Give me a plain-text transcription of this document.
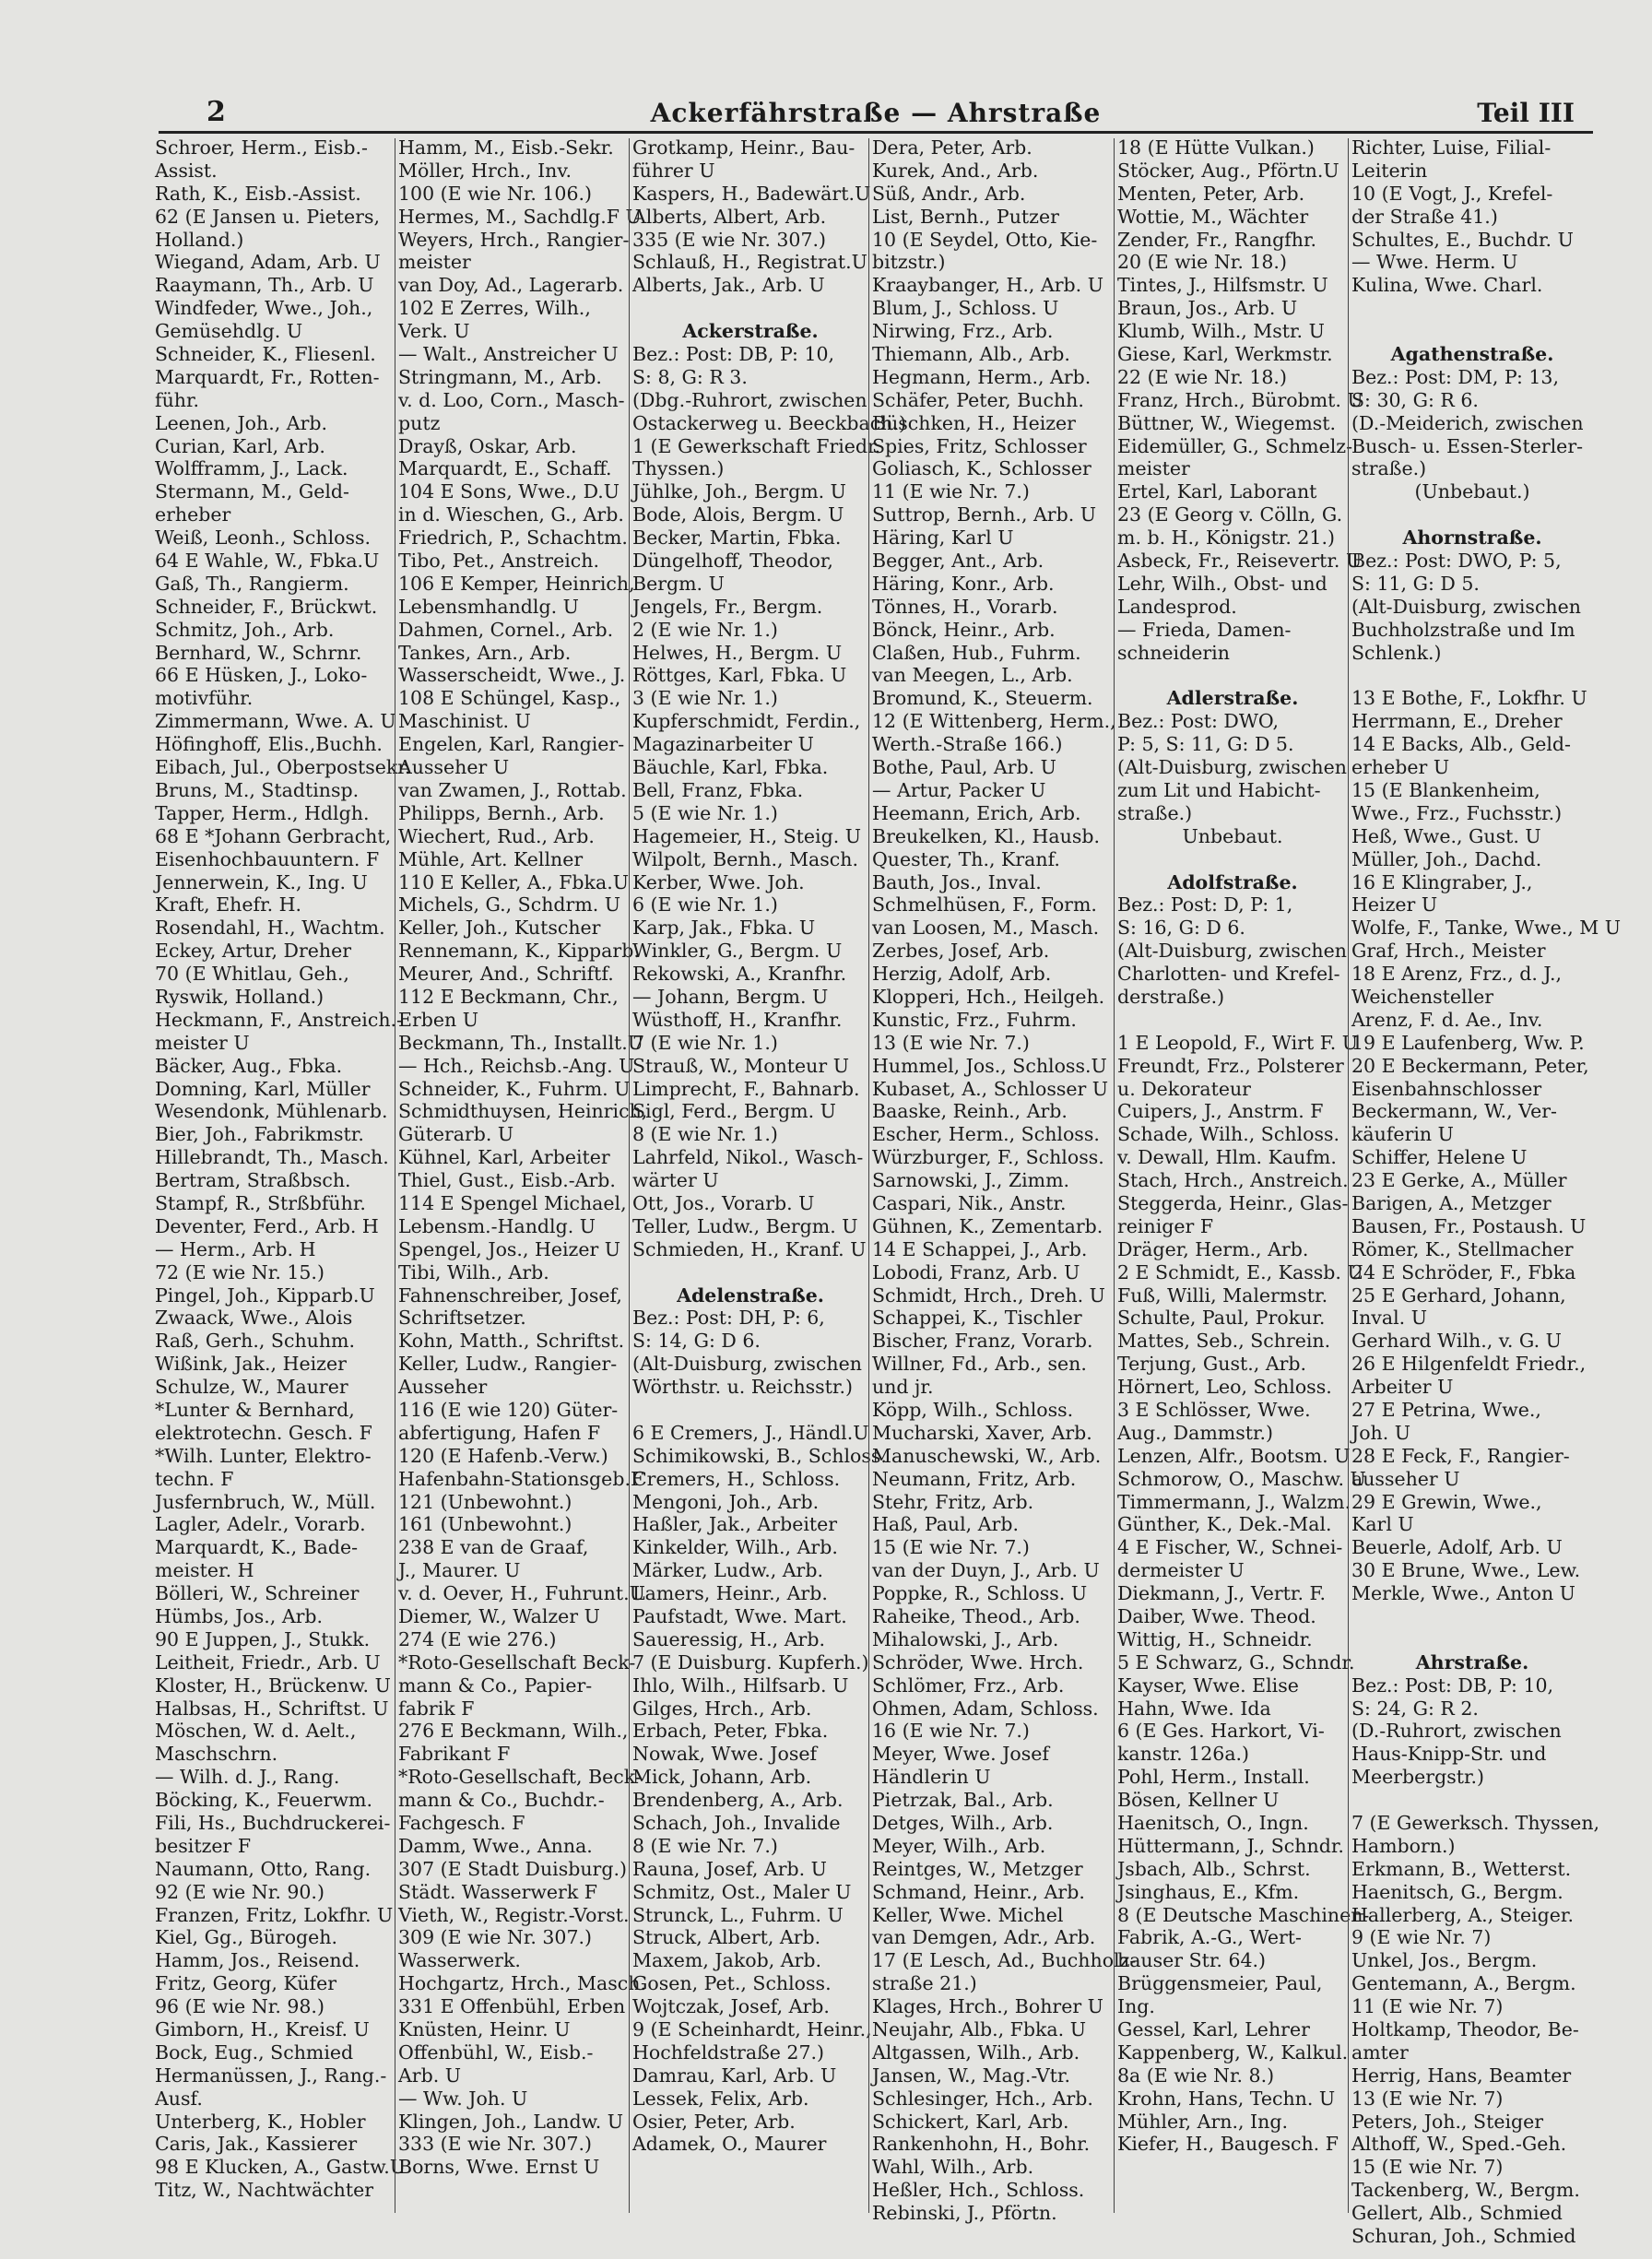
2	Ackerfährstraße — Ahrstraße	Teil III
Schroer, Herm., Eisb.-
Assist.
Rath, K., Eisb.-Assist.
62 (E Jansen u. Pieters,
Holland.)
Wiegand, Adam, Arb. U
Raaymann, Th., Arb. U
Windfeder, Wwe., Joh.,
Gemüsehdlg. U
Schneider, K., Fliesenl.
Marquardt, Fr., Rotten-
führ.
Leenen, Joh., Arb.
Curian, Karl, Arb.
Wolfframm, J., Lack.
Stermann, M., Geld-
erheber
Weiß, Leonh., Schloss.
64 E Wahle, W., Fbka.U
Gaß, Th., Rangierm.
Schneider, F., Brückwt.
Schmitz, Joh., Arb.
Bernhard, W., Schrnr.
66 E Hüsken, J., Loko-
motivführ.
Zimmermann, Wwe. A. U
Höfinghoff, Elis.,Buchh.
Eibach, Jul., Oberpostsekr.
Bruns, M., Stadtinsp.
Tapper, Herm., Hdlgh.
68 E *Johann Gerbracht,
Eisenhochbauuntern. F
Jennerwein, K., Ing. U
Kraft, Ehefr. H.
Rosendahl, H., Wachtm.
Eckey, Artur, Dreher
70 (E Whitlau, Geh.,
Ryswik, Holland.)
Heckmann, F., Anstreich.-
meister U
Bäcker, Aug., Fbka.
Domning, Karl, Müller
Wesendonk, Mühlenarb.
Bier, Joh., Fabrikmstr.
Hillebrandt, Th., Masch.
Bertram, Straßbsch.
Stampf, R., Strßbführ.
Deventer, Ferd., Arb. H
— Herm., Arb. H
72 (E wie Nr. 15.)
Pingel, Joh., Kipparb.U
Zwaack, Wwe., Alois
Raß, Gerh., Schuhm.
Wißink, Jak., Heizer
Schulze, W., Maurer
*Lunter & Bernhard,
elektrotechn. Gesch. F
*Wilh. Lunter, Elektro-
techn. F
Jusfernbruch, W., Müll.
Lagler, Adelr., Vorarb.
Marquardt, K., Bade-
meister. H
Bölleri, W., Schreiner
Hümbs, Jos., Arb.
90 E Juppen, J., Stukk.
Leitheit, Friedr., Arb. U
Kloster, H., Brückenw. U
Halbsas, H., Schriftst. U
Möschen, W. d. Aelt.,
Maschschrn.
— Wilh. d. J., Rang.
Böcking, K., Feuerwm.
Fili, Hs., Buchdruckerei-
besitzer F
Naumann, Otto, Rang.
92 (E wie Nr. 90.)
Franzen, Fritz, Lokfhr. U
Kiel, Gg., Bürogeh.
Hamm, Jos., Reisend.
Fritz, Georg, Küfer
96 (E wie Nr. 98.)
Gimborn, H., Kreisf. U
Bock, Eug., Schmied
Hermanüssen, J., Rang.-
Ausf.
Unterberg, K., Hobler
Caris, Jak., Kassierer
98 E Klucken, A., Gastw.U
Titz, W., Nachtwächter
Hamm, M., Eisb.-Sekr.
Möller, Hrch., Inv.
100 (E wie Nr. 106.)
Hermes, M., Sachdlg.F U
Weyers, Hrch., Rangier-
meister
van Doy, Ad., Lagerarb.
102 E Zerres, Wilh.,
Verk. U
— Walt., Anstreicher U
Stringmann, M., Arb.
v. d. Loo, Corn., Masch-
putz
Drayß, Oskar, Arb.
Marquardt, E., Schaff.
104 E Sons, Wwe., D.U
in d. Wieschen, G., Arb.
Friedrich, P., Schachtm.
Tibo, Pet., Anstreich.
106 E Kemper, Heinrich,
Lebensmhandlg. U
Dahmen, Cornel., Arb.
Tankes, Arn., Arb.
Wasserscheidt, Wwe., J.
108 E Schüngel, Kasp.,
Maschinist. U
Engelen, Karl, Rangier-
Ausseher U
van Zwamen, J., Rottab.
Philipps, Bernh., Arb.
Wiechert, Rud., Arb.
Mühle, Art. Kellner
110 E Keller, A., Fbka.U
Michels, G., Schdrm. U
Keller, Joh., Kutscher
Rennemann, K., Kipparb.
Meurer, And., Schriftf.
112 E Beckmann, Chr.,
Erben U
Beckmann, Th., Installt.U
— Hch., Reichsb.-Ang. U
Schneider, K., Fuhrm. U
Schmidthuysen, Heinrich,
Güterarb. U
Kühnel, Karl, Arbeiter
Thiel, Gust., Eisb.-Arb.
114 E Spengel Michael,
Lebensm.-Handlg. U
Spengel, Jos., Heizer U
Tibi, Wilh., Arb.
Fahnenschreiber, Josef,
Schriftsetzer.
Kohn, Matth., Schriftst.
Keller, Ludw., Rangier-
Ausseher
116 (E wie 120) Güter-
abfertigung, Hafen F
120 (E Hafenb.-Verw.)
Hafenbahn-Stationsgeb.F
121 (Unbewohnt.)
161 (Unbewohnt.)
238 E van de Graaf,
J., Maurer. U
v. d. Oever, H., Fuhrunt.U
Diemer, W., Walzer U
274 (E wie 276.)
*Roto-Gesellschaft Beck-
mann & Co., Papier-
fabrik F
276 E Beckmann, Wilh.,
Fabrikant F
*Roto-Gesellschaft, Beck-
mann & Co., Buchdr.-
Fachgesch. F
Damm, Wwe., Anna.
307 (E Stadt Duisburg.)
Städt. Wasserwerk F
Vieth, W., Registr.-Vorst.
309 (E wie Nr. 307.)
Wasserwerk.
Hochgartz, Hrch., Masch.
331 E Offenbühl, Erben
Knüsten, Heinr. U
Offenbühl, W., Eisb.-
Arb. U
— Ww. Joh. U
Klingen, Joh., Landw. U
333 (E wie Nr. 307.)
Borns, Wwe. Ernst U
Grotkamp, Heinr., Bau-
führer U
Kaspers, H., Badewärt.U
Alberts, Albert, Arb.
335 (E wie Nr. 307.)
Schlauß, H., Registrat.U
Alberts, Jak., Arb. U

Ackerstraße.
Bez.: Post: DB, P: 10,
S: 8, G: R 3.
(Dbg.-Ruhrort, zwischen
Ostackerweg u. Beeckbach.)
1 (E Gewerkschaft Friedr.
Thyssen.)
Jühlke, Joh., Bergm. U
Bode, Alois, Bergm. U
Becker, Martin, Fbka.
Düngelhoff, Theodor,
Bergm. U
Jengels, Fr., Bergm.
2 (E wie Nr. 1.)
Helwes, H., Bergm. U
Röttges, Karl, Fbka. U
3 (E wie Nr. 1.)
Kupferschmidt, Ferdin.,
Magazinarbeiter U
Bäuchle, Karl, Fbka.
Bell, Franz, Fbka.
5 (E wie Nr. 1.)
Hagemeier, H., Steig. U
Wilpolt, Bernh., Masch.
Kerber, Wwe. Joh.
6 (E wie Nr. 1.)
Karp, Jak., Fbka. U
Winkler, G., Bergm. U
Rekowski, A., Kranfhr.
— Johann, Bergm. U
Wüsthoff, H., Kranfhr.
7 (E wie Nr. 1.)
Strauß, W., Monteur U
Limprecht, F., Bahnarb.
Sigl, Ferd., Bergm. U
8 (E wie Nr. 1.)
Lahrfeld, Nikol., Wasch-
wärter U
Ott, Jos., Vorarb. U
Teller, Ludw., Bergm. U
Schmieden, H., Kranf. U

Adelenstraße.
Bez.: Post: DH, P: 6,
S: 14, G: D 6.
(Alt-Duisburg, zwischen
Wörthstr. u. Reichsstr.)

6 E Cremers, J., Händl.U
Schimikowski, B., Schloss.
Cremers, H., Schloss.
Mengoni, Joh., Arb.
Haßler, Jak., Arbeiter
Kinkelder, Wilh., Arb.
Märker, Ludw., Arb.
Lamers, Heinr., Arb.
Paufstadt, Wwe. Mart.
Saueressig, H., Arb.
7 (E Duisburg. Kupferh.)
Ihlo, Wilh., Hilfsarb. U
Gilges, Hrch., Arb.
Erbach, Peter, Fbka.
Nowak, Wwe. Josef
Mick, Johann, Arb.
Brendenberg, A., Arb.
Schach, Joh., Invalide
8 (E wie Nr. 7.)
Rauna, Josef, Arb. U
Schmitz, Ost., Maler U
Strunck, L., Fuhrm. U
Struck, Albert, Arb.
Maxem, Jakob, Arb.
Gosen, Pet., Schloss.
Wojtczak, Josef, Arb.
9 (E Scheinhardt, Heinr.,
Hochfeldstraße 27.)
Damrau, Karl, Arb. U
Lessek, Felix, Arb.
Osier, Peter, Arb.
Adamek, O., Maurer
Dera, Peter, Arb.
Kurek, And., Arb.
Süß, Andr., Arb.
List, Bernh., Putzer
10 (E Seydel, Otto, Kie-
bitzstr.)
Kraaybanger, H., Arb. U
Blum, J., Schloss. U
Nirwing, Frz., Arb.
Thiemann, Alb., Arb.
Hegmann, Herm., Arb.
Schäfer, Peter, Buchh.
Büschken, H., Heizer
Spies, Fritz, Schlosser
Goliasch, K., Schlosser
11 (E wie Nr. 7.)
Suttrop, Bernh., Arb. U
Häring, Karl U
Begger, Ant., Arb.
Häring, Konr., Arb.
Tönnes, H., Vorarb.
Bönck, Heinr., Arb.
Claßen, Hub., Fuhrm.
van Meegen, L., Arb.
Bromund, K., Steuerm.
12 (E Wittenberg, Herm.,
Werth.-Straße 166.)
Bothe, Paul, Arb. U
— Artur, Packer U
Heemann, Erich, Arb.
Breukelken, Kl., Hausb.
Quester, Th., Kranf.
Bauth, Jos., Inval.
Schmelhüsen, F., Form.
van Loosen, M., Masch.
Zerbes, Josef, Arb.
Herzig, Adolf, Arb.
Klopperi, Hch., Heilgeh.
Kunstic, Frz., Fuhrm.
13 (E wie Nr. 7.)
Hummel, Jos., Schloss.U
Kubaset, A., Schlosser U
Baaske, Reinh., Arb.
Escher, Herm., Schloss.
Würzburger, F., Schloss.
Sarnowski, J., Zimm.
Caspari, Nik., Anstr.
Gühnen, K., Zementarb.
14 E Schappei, J., Arb.
Lobodi, Franz, Arb. U
Schmidt, Hrch., Dreh. U
Schappei, K., Tischler
Bischer, Franz, Vorarb.
Willner, Fd., Arb., sen.
und jr.
Köpp, Wilh., Schloss.
Mucharski, Xaver, Arb.
Manuschewski, W., Arb.
Neumann, Fritz, Arb.
Stehr, Fritz, Arb.
Haß, Paul, Arb.
15 (E wie Nr. 7.)
van der Duyn, J., Arb. U
Poppke, R., Schloss. U
Raheike, Theod., Arb.
Mihalowski, J., Arb.
Schröder, Wwe. Hrch.
Schlömer, Frz., Arb.
Ohmen, Adam, Schloss.
16 (E wie Nr. 7.)
Meyer, Wwe. Josef
Händlerin U
Pietrzak, Bal., Arb.
Detges, Wilh., Arb.
Meyer, Wilh., Arb.
Reintges, W., Metzger
Schmand, Heinr., Arb.
Keller, Wwe. Michel
van Demgen, Adr., Arb.
17 (E Lesch, Ad., Buchholz-
straße 21.)
Klages, Hrch., Bohrer U
Neujahr, Alb., Fbka. U
Altgassen, Wilh., Arb.
Jansen, W., Mag.-Vtr.
Schlesinger, Hch., Arb.
Schickert, Karl, Arb.
Rankenhohn, H., Bohr.
Wahl, Wilh., Arb.
Heßler, Hch., Schloss.
Rebinski, J., Pförtn.
18 (E Hütte Vulkan.)
Stöcker, Aug., Pförtn.U
Menten, Peter, Arb.
Wottie, M., Wächter
Zender, Fr., Rangfhr.
20 (E wie Nr. 18.)
Tintes, J., Hilfsmstr. U
Braun, Jos., Arb. U
Klumb, Wilh., Mstr. U
Giese, Karl, Werkmstr.
22 (E wie Nr. 18.)
Franz, Hrch., Bürobmt. U
Büttner, W., Wiegemst.
Eidemüller, G., Schmelz-
meister
Ertel, Karl, Laborant
23 (E Georg v. Cölln, G.
m. b. H., Königstr. 21.)
Asbeck, Fr., Reisevertr. U
Lehr, Wilh., Obst- und
Landesprod.
— Frieda, Damen-
schneiderin

Adlerstraße.
Bez.: Post: DWO,
P: 5, S: 11, G: D 5.
(Alt-Duisburg, zwischen
zum Lit und Habicht-
straße.)
Unbebaut.

Adolfstraße.
Bez.: Post: D, P: 1,
S: 16, G: D 6.
(Alt-Duisburg, zwischen
Charlotten- und Krefel-
derstraße.)

1 E Leopold, F., Wirt F. U
Freundt, Frz., Polsterer
u. Dekorateur
Cuipers, J., Anstrm. F
Schade, Wilh., Schloss.
v. Dewall, Hlm. Kaufm.
Stach, Hrch., Anstreich.
Steggerda, Heinr., Glas-
reiniger F
Dräger, Herm., Arb.
2 E Schmidt, E., Kassb. U
Fuß, Willi, Malermstr.
Schulte, Paul, Prokur.
Mattes, Seb., Schrein.
Terjung, Gust., Arb.
Hörnert, Leo, Schloss.
3 E Schlösser, Wwe.
Aug., Dammstr.)
Lenzen, Alfr., Bootsm. U
Schmorow, O., Maschw. U
Timmermann, J., Walzm.
Günther, K., Dek.-Mal.
4 E Fischer, W., Schnei-
dermeister U
Diekmann, J., Vertr. F.
Daiber, Wwe. Theod.
Wittig, H., Schneidr.
5 E Schwarz, G., Schndr.
Kayser, Wwe. Elise
Hahn, Wwe. Ida
6 (E Ges. Harkort, Vi-
kanstr. 126a.)
Pohl, Herm., Install.
Bösen, Kellner U
Haenitsch, O., Ingn.
Hüttermann, J., Schndr.
Jsbach, Alb., Schrst.
Jsinghaus, E., Kfm.
8 (E Deutsche Maschinen-
Fabrik, A.-G., Wert-
hauser Str. 64.)
Brüggensmeier, Paul,
Ing.
Gessel, Karl, Lehrer
Kappenberg, W., Kalkul.
8a (E wie Nr. 8.)
Krohn, Hans, Techn. U
Mühler, Arn., Ing.
Kiefer, H., Baugesch. F
Richter, Luise, Filial-
Leiterin
10 (E Vogt, J., Krefel-
der Straße 41.)
Schultes, E., Buchdr. U
— Wwe. Herm. U
Kulina, Wwe. Charl.

Agathenstraße.
Bez.: Post: DM, P: 13,
S: 30, G: R 6.
(D.-Meiderich, zwischen
Busch- u. Essen-Sterler-
straße.)
(Unbebaut.)

Ahornstraße.
Bez.: Post: DWO, P: 5,
S: 11, G: D 5.
(Alt-Duisburg, zwischen
Buchholzstraße und Im
Schlenk.)

13 E Bothe, F., Lokfhr. U
Herrmann, E., Dreher
14 E Backs, Alb., Geld-
erheber U
15 (E Blankenheim,
Wwe., Frz., Fuchsstr.)
Heß, Wwe., Gust. U
Müller, Joh., Dachd.
16 E Klingraber, J.,
Heizer U
Wolfe, F., Tanke, Wwe., M U
Graf, Hrch., Meister
18 E Arenz, Frz., d. J.,
Weichensteller
Arenz, F. d. Ae., Inv.
19 E Laufenberg, Ww. P.
20 E Beckermann, Peter,
Eisenbahnschlosser
Beckermann, W., Ver-
käuferin U
Schiffer, Helene U
23 E Gerke, A., Müller
Barigen, A., Metzger
Bausen, Fr., Postaush. U
Römer, K., Stellmacher
24 E Schröder, F., Fbka
25 E Gerhard, Johann,
Inval. U
Gerhard Wilh., v. G. U
26 E Hilgenfeldt Friedr.,
Arbeiter U
27 E Petrina, Wwe.,
Joh. U
28 E Feck, F., Rangier-
ausseher U
29 E Grewin, Wwe.,
Karl U
Beuerle, Adolf, Arb. U
30 E Brune, Wwe., Lew.
Merkle, Wwe., Anton U

Ahrstraße.
Bez.: Post: DB, P: 10,
S: 24, G: R 2.
(D.-Ruhrort, zwischen
Haus-Knipp-Str. und
Meerbergstr.)

7 (E Gewerksch. Thyssen,
Hamborn.)
Erkmann, B., Wetterst.
Haenitsch, G., Bergm.
Hallerberg, A., Steiger.
9 (E wie Nr. 7)
Unkel, Jos., Bergm.
Gentemann, A., Bergm.
11 (E wie Nr. 7)
Holtkamp, Theodor, Be-
amter
Herrig, Hans, Beamter
13 (E wie Nr. 7)
Peters, Joh., Steiger
Althoff, W., Sped.-Geh.
15 (E wie Nr. 7)
Tackenberg, W., Bergm.
Gellert, Alb., Schmied
Schuran, Joh., Schmied
